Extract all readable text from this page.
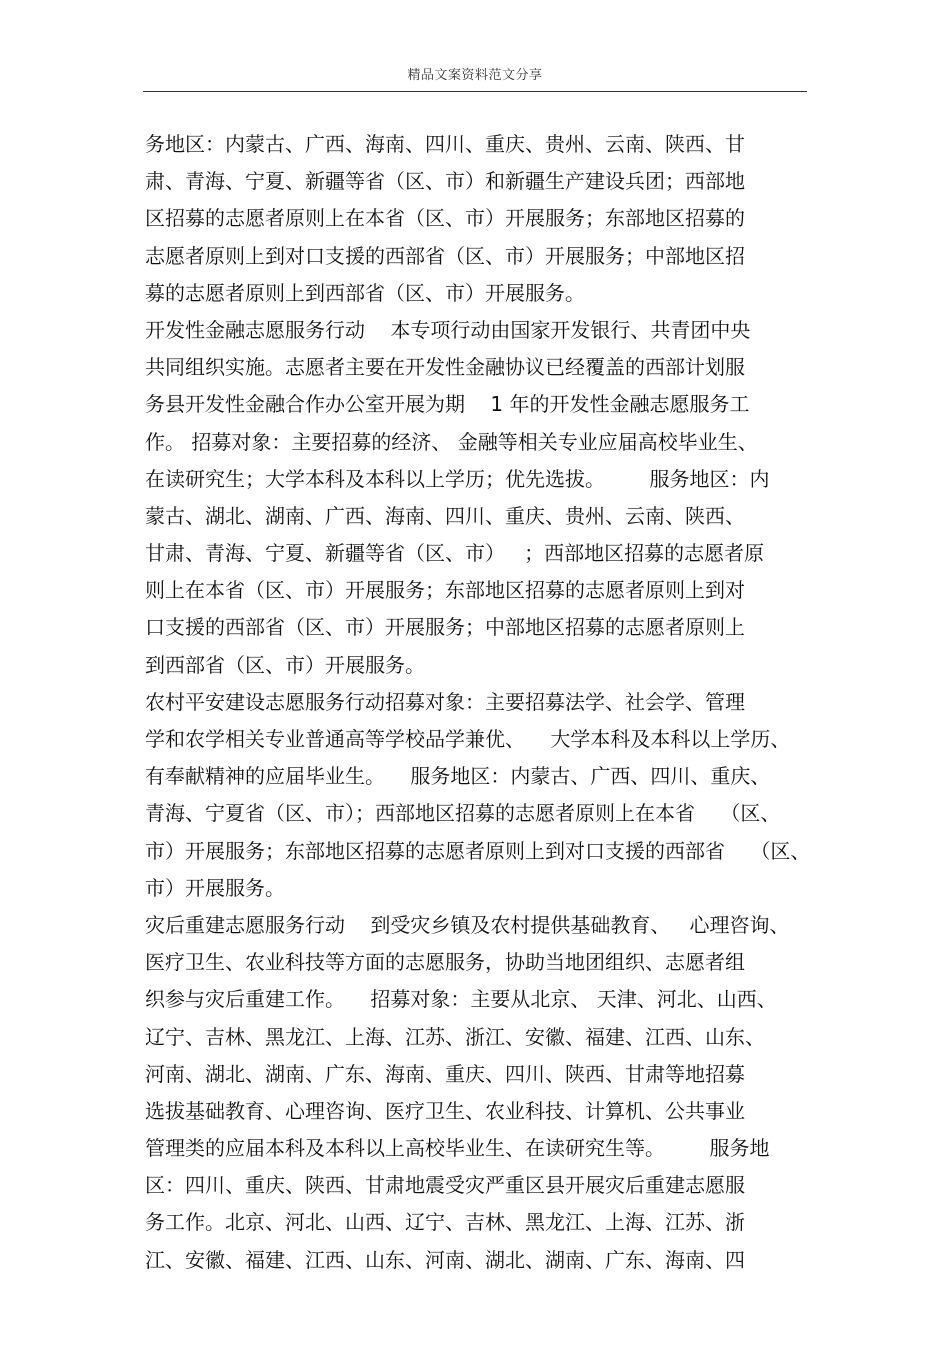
精品文案资料范文分享
务地区：内蒙古、广西、海南、四川、重庆、贵州、云南、陕西、甘
肃、青海、宁夏、新疆等省（区、市）和新疆生产建设兵团；西部地
区招募的志愿者原则上在本省（区、市）开展服务；东部地区招募的
志愿者原则上到对口支援的西部省（区、市）开展服务；中部地区招
募的志愿者原则上到西部省（区、市）开展服务。
开发性金融志愿服务行动    本专项行动由国家开发银行、共青团中央
共同组织实施。志愿者主要在开发性金融协议已经覆盖的西部计划服
务县开发性金融合作办公室开展为期    1 年的开发性金融志愿服务工
作。 招募对象：主要招募的经济、 金融等相关专业应届高校毕业生、
在读研究生；大学本科及本科以上学历；优先选拔。       服务地区：内
蒙古、湖北、湖南、广西、海南、四川、重庆、贵州、云南、陕西、
甘肃、青海、宁夏、新疆等省（区、市）   ；西部地区招募的志愿者原
则上在本省（区、市）开展服务；东部地区招募的志愿者原则上到对
口支援的西部省（区、市）开展服务；中部地区招募的志愿者原则上
到西部省（区、市）开展服务。
农村平安建设志愿服务行动招募对象：主要招募法学、社会学、管理
学和农学相关专业普通高等学校品学兼优、    大学本科及本科以上学历、
有奉献精神的应届毕业生。    服务地区：内蒙古、广西、四川、重庆、
青海、宁夏省（区、市）；西部地区招募的志愿者原则上在本省    （区、
市）开展服务；东部地区招募的志愿者原则上到对口支援的西部省    （区、
市）开展服务。
灾后重建志愿服务行动    到受灾乡镇及农村提供基础教育、   心理咨询、
医疗卫生、农业科技等方面的志愿服务，协助当地团组织、志愿者组
织参与灾后重建工作。    招募对象：主要从北京、 天津、河北、山西、
辽宁、吉林、黑龙江、上海、江苏、浙江、安徽、福建、江西、山东、
河南、湖北、湖南、广东、海南、重庆、四川、陕西、甘肃等地招募
选拔基础教育、心理咨询、医疗卫生、农业科技、计算机、公共事业
管理类的应届本科及本科以上高校毕业生、在读研究生等。       服务地
区：四川、重庆、陕西、甘肃地震受灾严重区县开展灾后重建志愿服
务工作。北京、河北、山西、辽宁、吉林、黑龙江、上海、江苏、浙
江、安徽、福建、江西、山东、河南、湖北、湖南、广东、海南、四
